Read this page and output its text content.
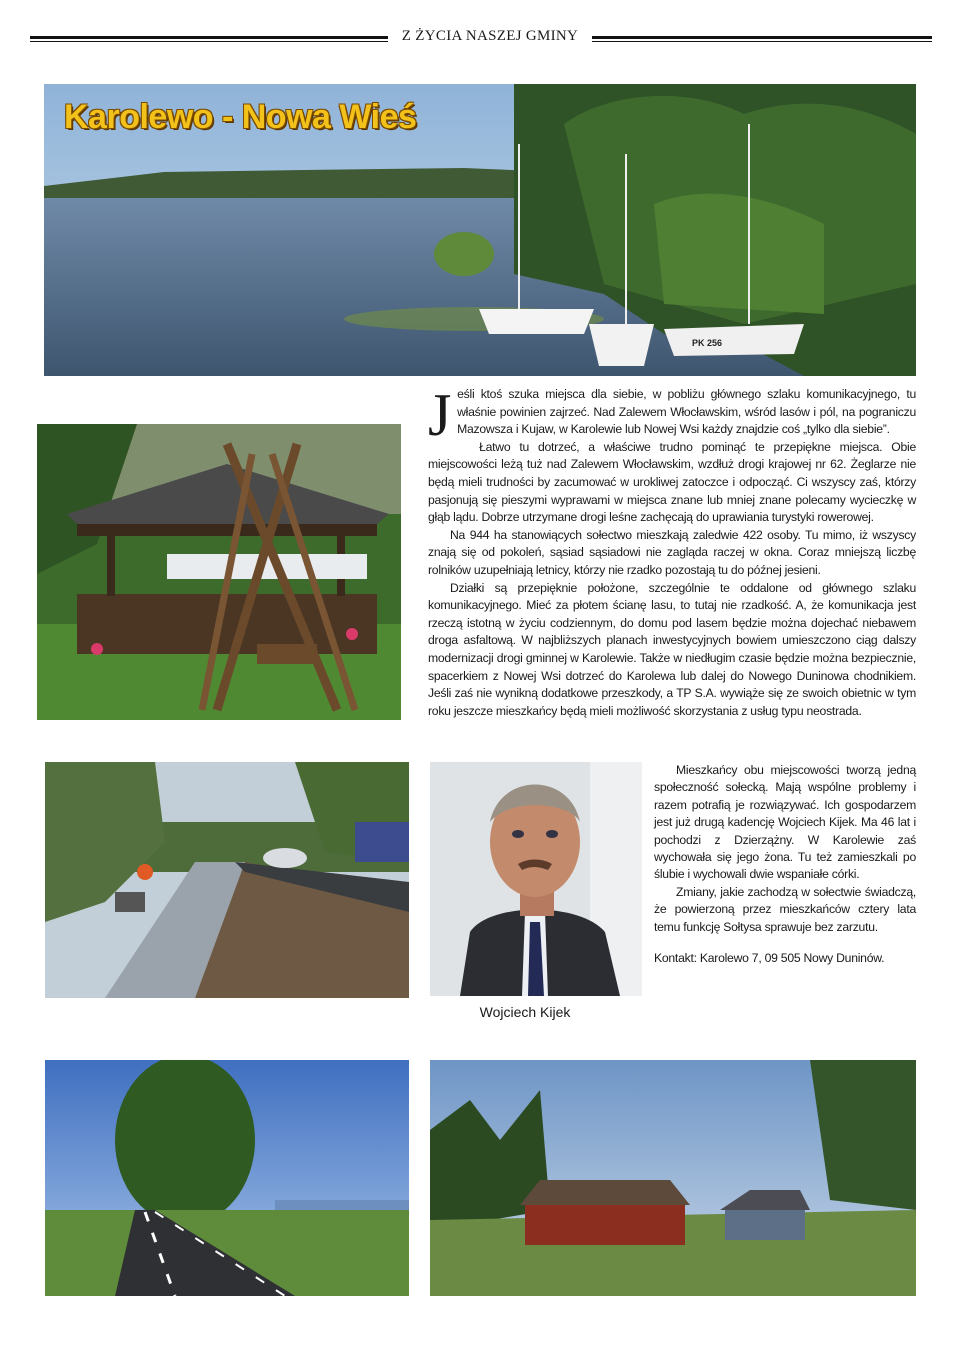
Z ŻYCIA NASZEJ GMINY
PK 256
Karolewo - Nowa Wieś

Jeśli ktoś szuka miejsca dla siebie, w pobliżu głównego szlaku komunikacyjnego, tu właśnie powinien zajrzeć. Nad Zalewem Włocławskim, wśród lasów i pól, na pograniczu Mazowsza i Kujaw, w Karolewie lub Nowej Wsi każdy znajdzie coś „tylko dla siebie”.

Łatwo tu dotrzeć, a właściwe trudno pominąć te przepiękne miejsca. Obie miejscowości leżą tuż nad Zalewem Włocławskim, wzdłuż drogi krajowej nr 62. Żeglarze nie będą mieli trudności by zacumować w urokliwej zatoczce i odpocząć. Ci wszyscy zaś, którzy pasjonują się pieszymi wyprawami w miejsca znane lub mniej znane polecamy wycieczkę w głąb lądu. Dobrze utrzymane drogi leśne zachęcają do uprawiania turystyki rowerowej.

Na 944 ha stanowiących sołectwo mieszkają zaledwie 422 osoby. Tu mimo, iż wszyscy znają się od pokoleń, sąsiad sąsiadowi nie zagląda raczej w okna. Coraz mniejszą liczbę rolników uzupełniają letnicy, którzy nie rzadko pozostają tu do późnej jesieni.

Działki są przepięknie położone, szczególnie te oddalone od głównego szlaku komunikacyjnego. Mieć za płotem ścianę lasu, to tutaj nie rzadkość. A, że komunikacja jest rzeczą istotną w życiu codziennym, do domu pod lasem będzie można dojechać niebawem droga asfaltową. W najbliższych planach inwestycyjnych bowiem umieszczono ciąg dalszy modernizacji drogi gminnej w Karolewie. Także w niedługim czasie będzie można bezpiecznie, spacerkiem z Nowej Wsi dotrzeć do Karolewa lub dalej do Nowego Duninowa chodnikiem. Jeśli zaś nie wynikną dodatkowe przeszkody, a TP S.A. wywiąże się ze swoich obietnic w tym roku jeszcze mieszkańcy będą mieli możliwość skorzystania z usług typu neostrada.

Wojciech Kijek

Mieszkańcy obu miejscowości tworzą jedną społeczność sołecką. Mają wspólne problemy i razem potrafią je rozwiązywać. Ich gospodarzem jest już drugą kadencję Wojciech Kijek. Ma 46 lat i pochodzi z Dzierzążny. W Karolewie zaś wychowała się jego żona. Tu też zamieszkali po ślubie i wychowali dwie wspaniałe córki.

Zmiany, jakie zachodzą w sołectwie świadczą, że powierzoną przez mieszkańców cztery lata temu funkcję Sołtysa sprawuje bez zarzutu.

Kontakt: Karolewo 7, 09 505 Nowy Duninów.
